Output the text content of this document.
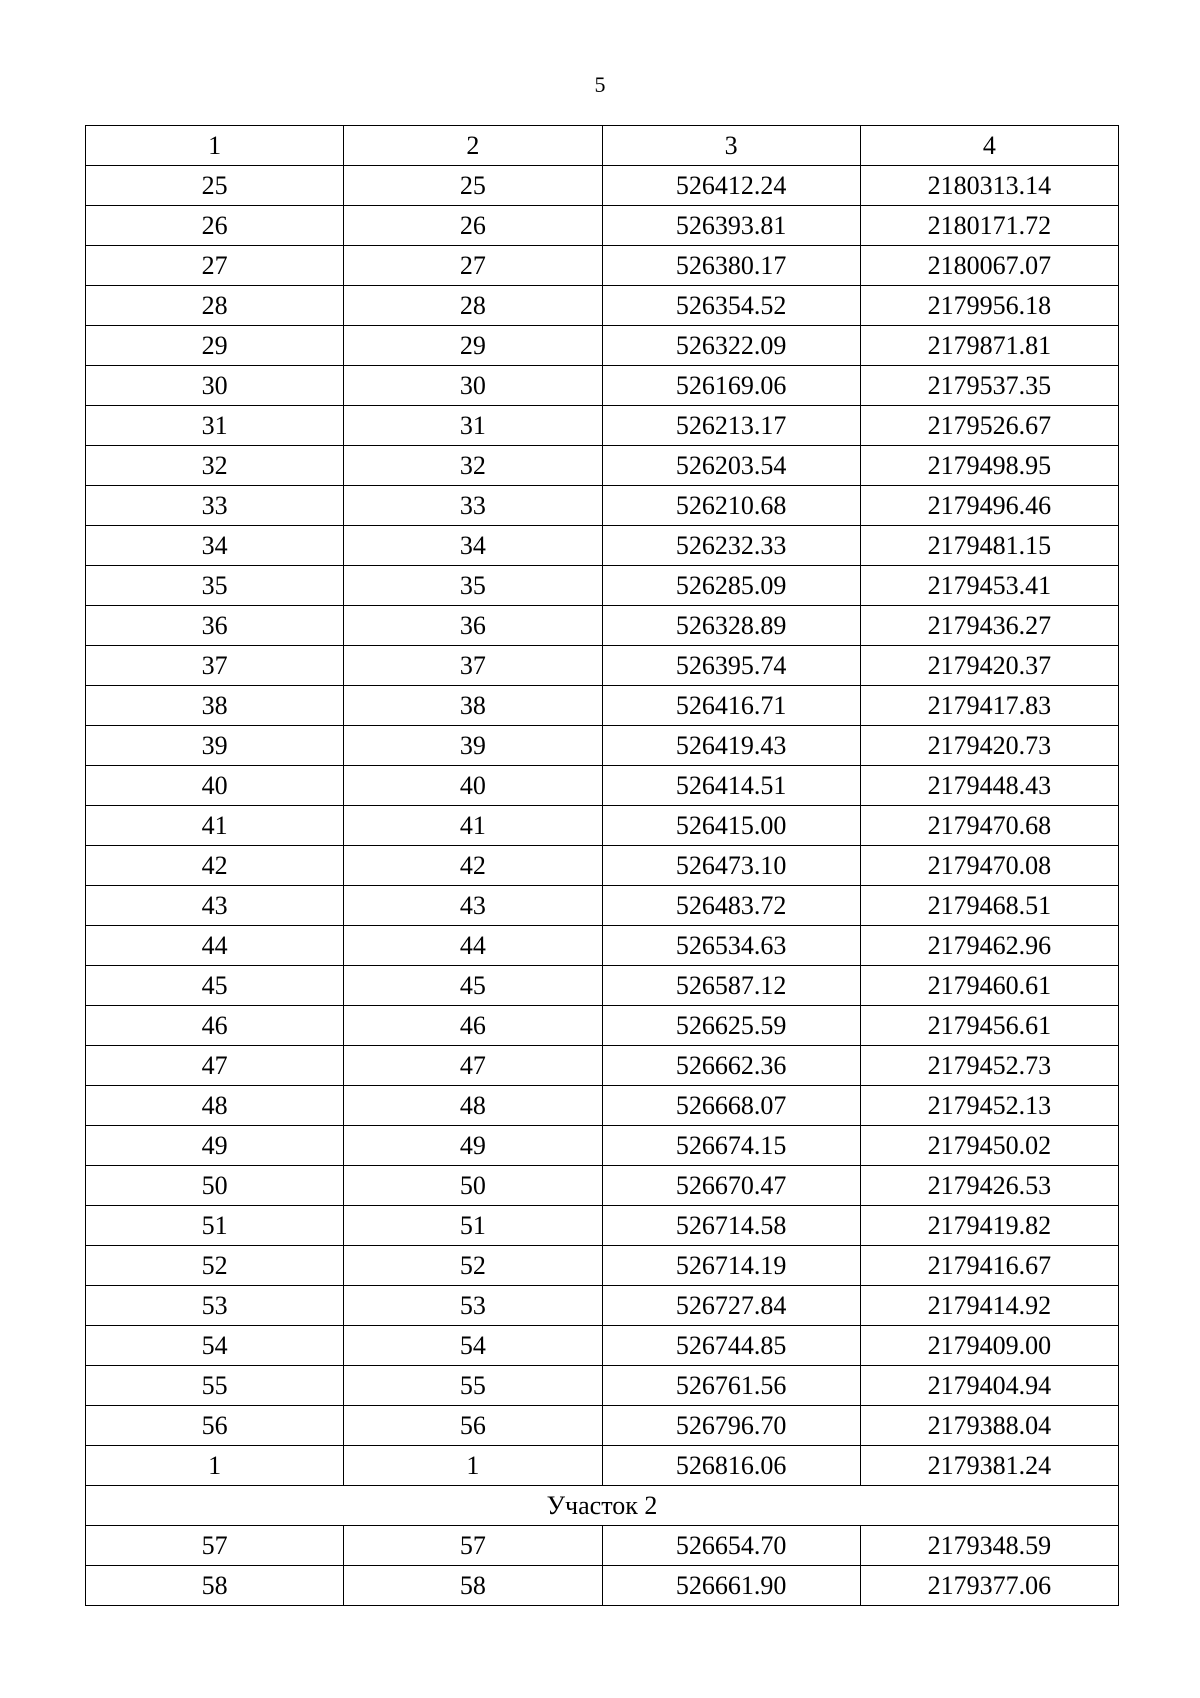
5
1	2	3	4
25	25	526412.24	2180313.14
26	26	526393.81	2180171.72
27	27	526380.17	2180067.07
28	28	526354.52	2179956.18
29	29	526322.09	2179871.81
30	30	526169.06	2179537.35
31	31	526213.17	2179526.67
32	32	526203.54	2179498.95
33	33	526210.68	2179496.46
34	34	526232.33	2179481.15
35	35	526285.09	2179453.41
36	36	526328.89	2179436.27
37	37	526395.74	2179420.37
38	38	526416.71	2179417.83
39	39	526419.43	2179420.73
40	40	526414.51	2179448.43
41	41	526415.00	2179470.68
42	42	526473.10	2179470.08
43	43	526483.72	2179468.51
44	44	526534.63	2179462.96
45	45	526587.12	2179460.61
46	46	526625.59	2179456.61
47	47	526662.36	2179452.73
48	48	526668.07	2179452.13
49	49	526674.15	2179450.02
50	50	526670.47	2179426.53
51	51	526714.58	2179419.82
52	52	526714.19	2179416.67
53	53	526727.84	2179414.92
54	54	526744.85	2179409.00
55	55	526761.56	2179404.94
56	56	526796.70	2179388.04
1	1	526816.06	2179381.24
Участок 2			
57	57	526654.70	2179348.59
58	58	526661.90	2179377.06
